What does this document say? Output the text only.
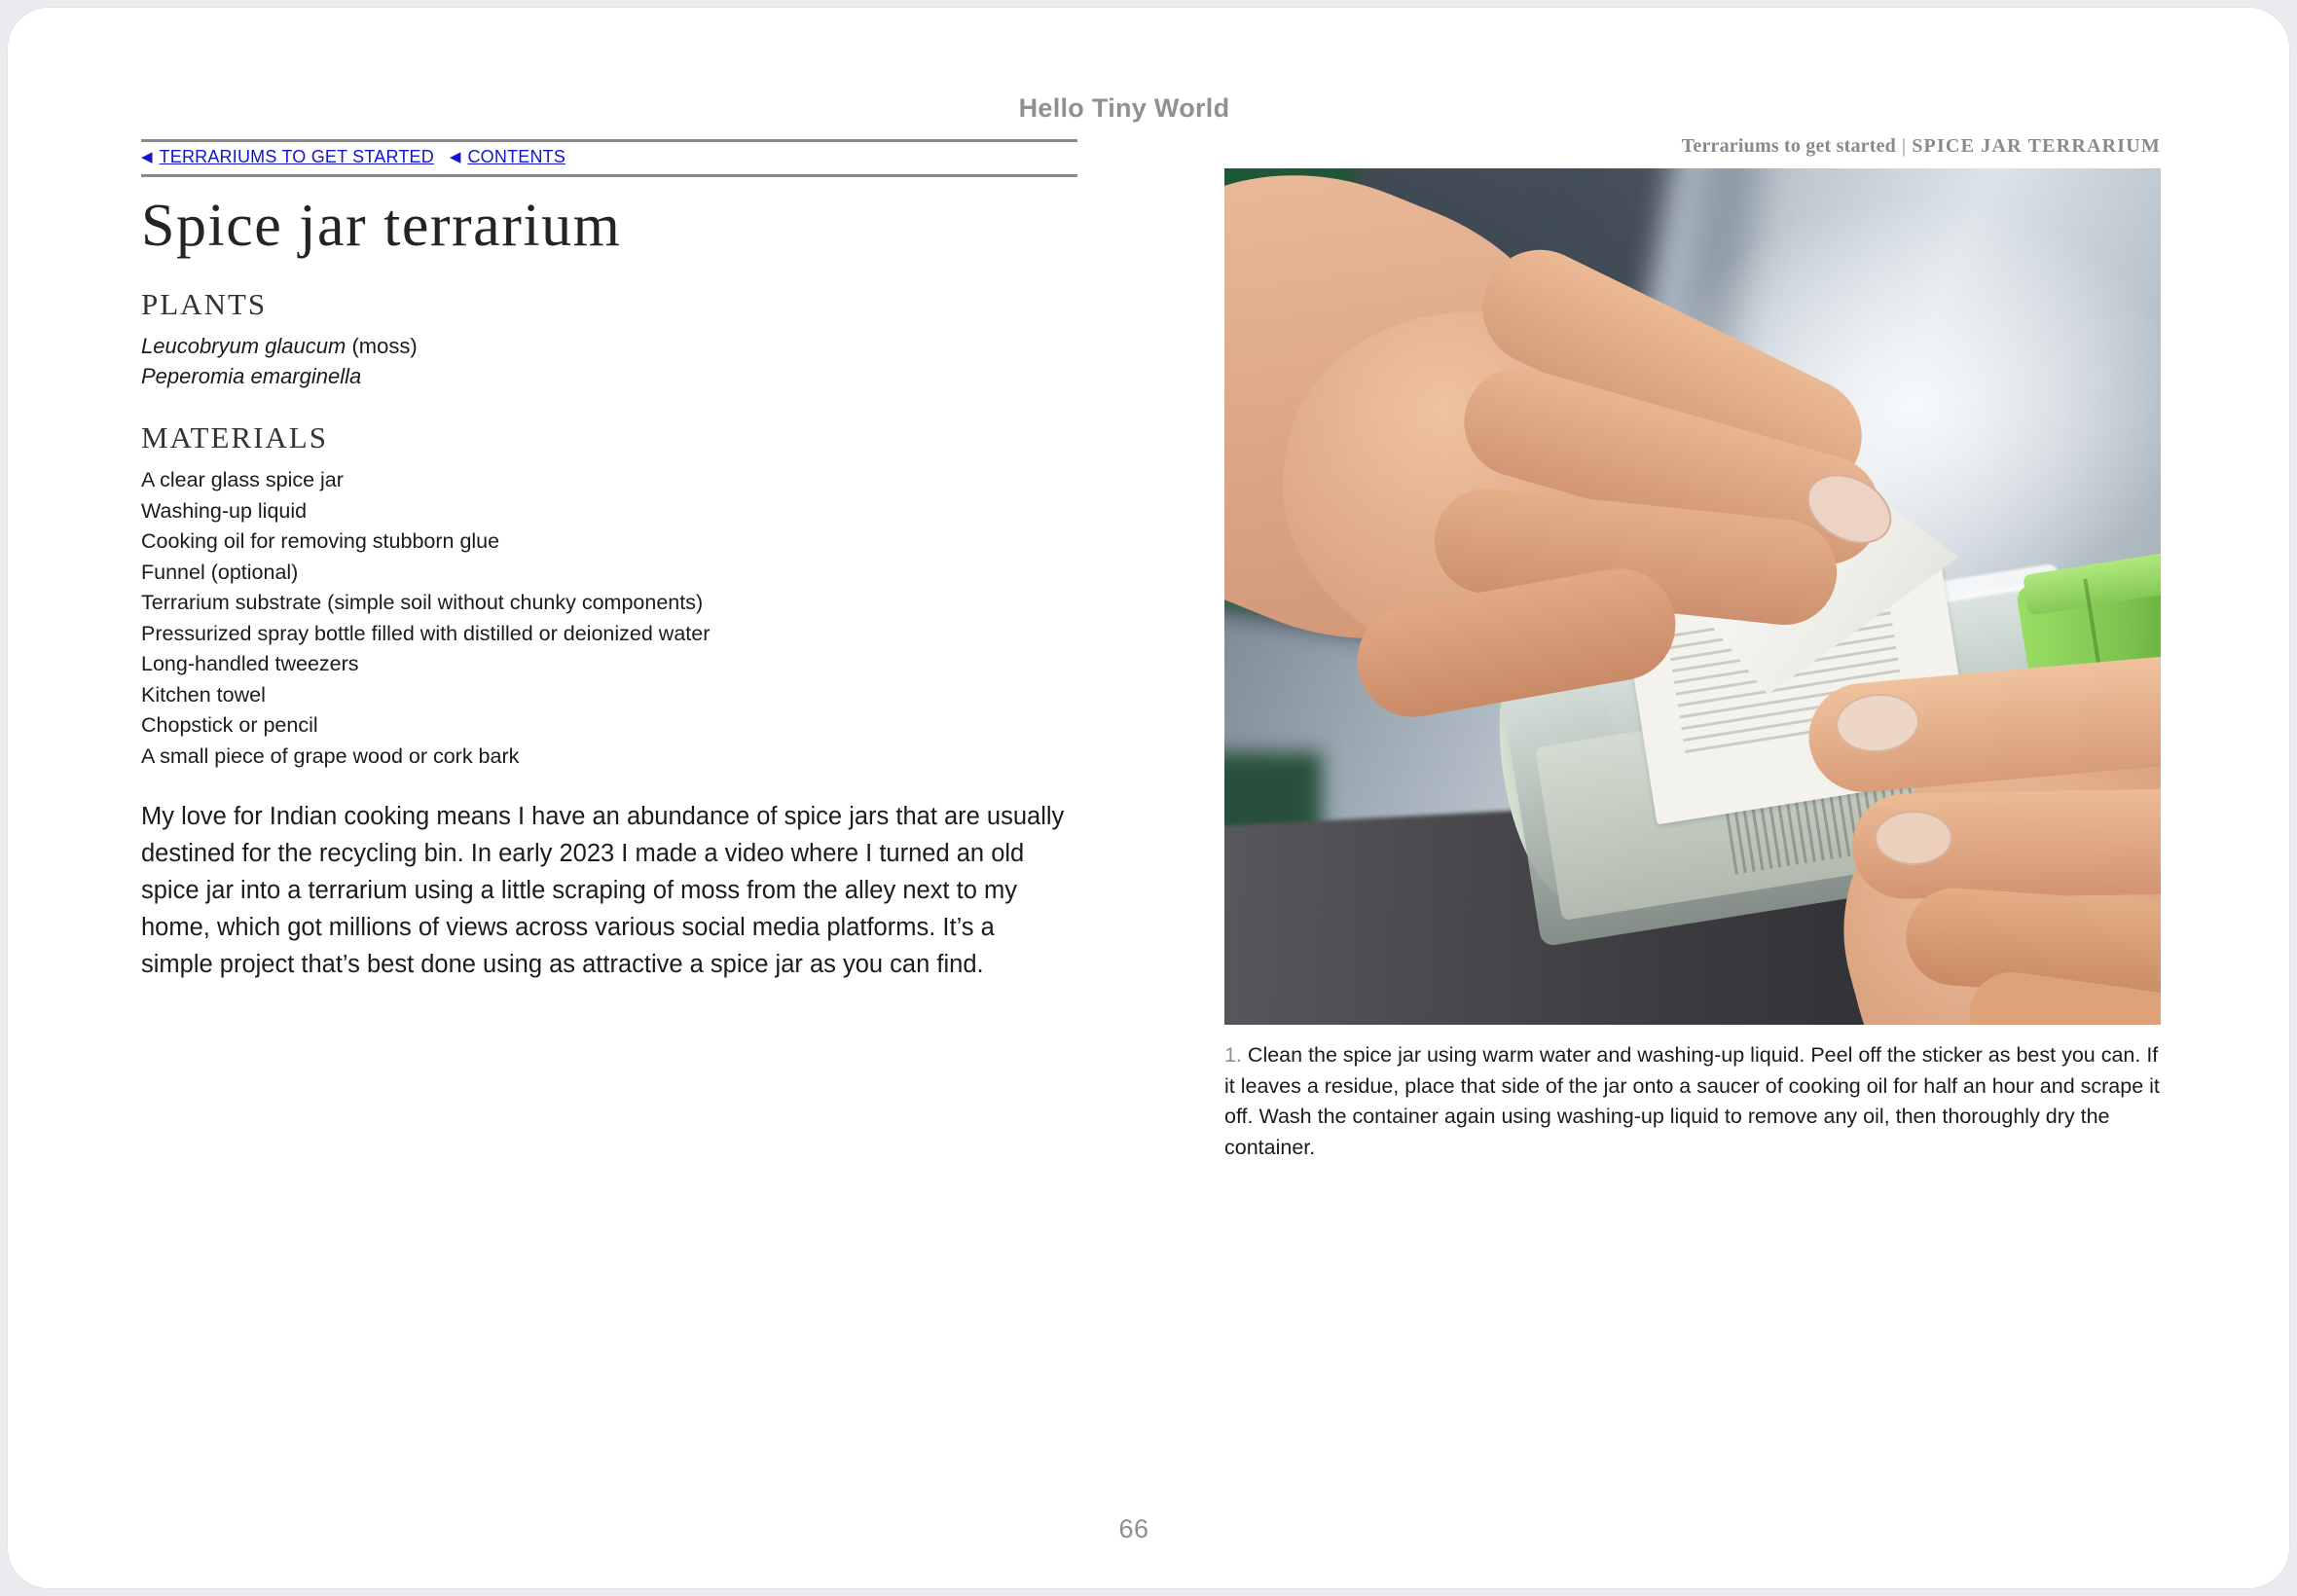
Hello Tiny World
◀ TERRARIUMS TO GET STARTED ◀ CONTENTS
Spice jar terrarium
PLANTS
Leucobryum glaucum (moss)
Peperomia emarginella
MATERIALS
A clear glass spice jar
Washing-up liquid
Cooking oil for removing stubborn glue
Funnel (optional)
Terrarium substrate (simple soil without chunky components)
Pressurized spray bottle filled with distilled or deionized water
Long-handled tweezers
Kitchen towel
Chopstick or pencil
A small piece of grape wood or cork bark

My love for Indian cooking means I have an abundance of spice jars that are usually destined for the recycling bin. In early 2023 I made a video where I turned an old spice jar into a terrarium using a little scraping of moss from the alley next to my home, which got millions of views across various social media platforms. It’s a simple project that’s best done using as attractive a spice jar as you can find.

Terrariums to get started | SPICE JAR TERRARIUM

1. Clean the spice jar using warm water and washing-up liquid. Peel off the sticker as best you can. If it leaves a residue, place that side of the jar onto a saucer of cooking oil for half an hour and scrape it off. Wash the container again using washing-up liquid to remove any oil, then thoroughly dry the container.

66
